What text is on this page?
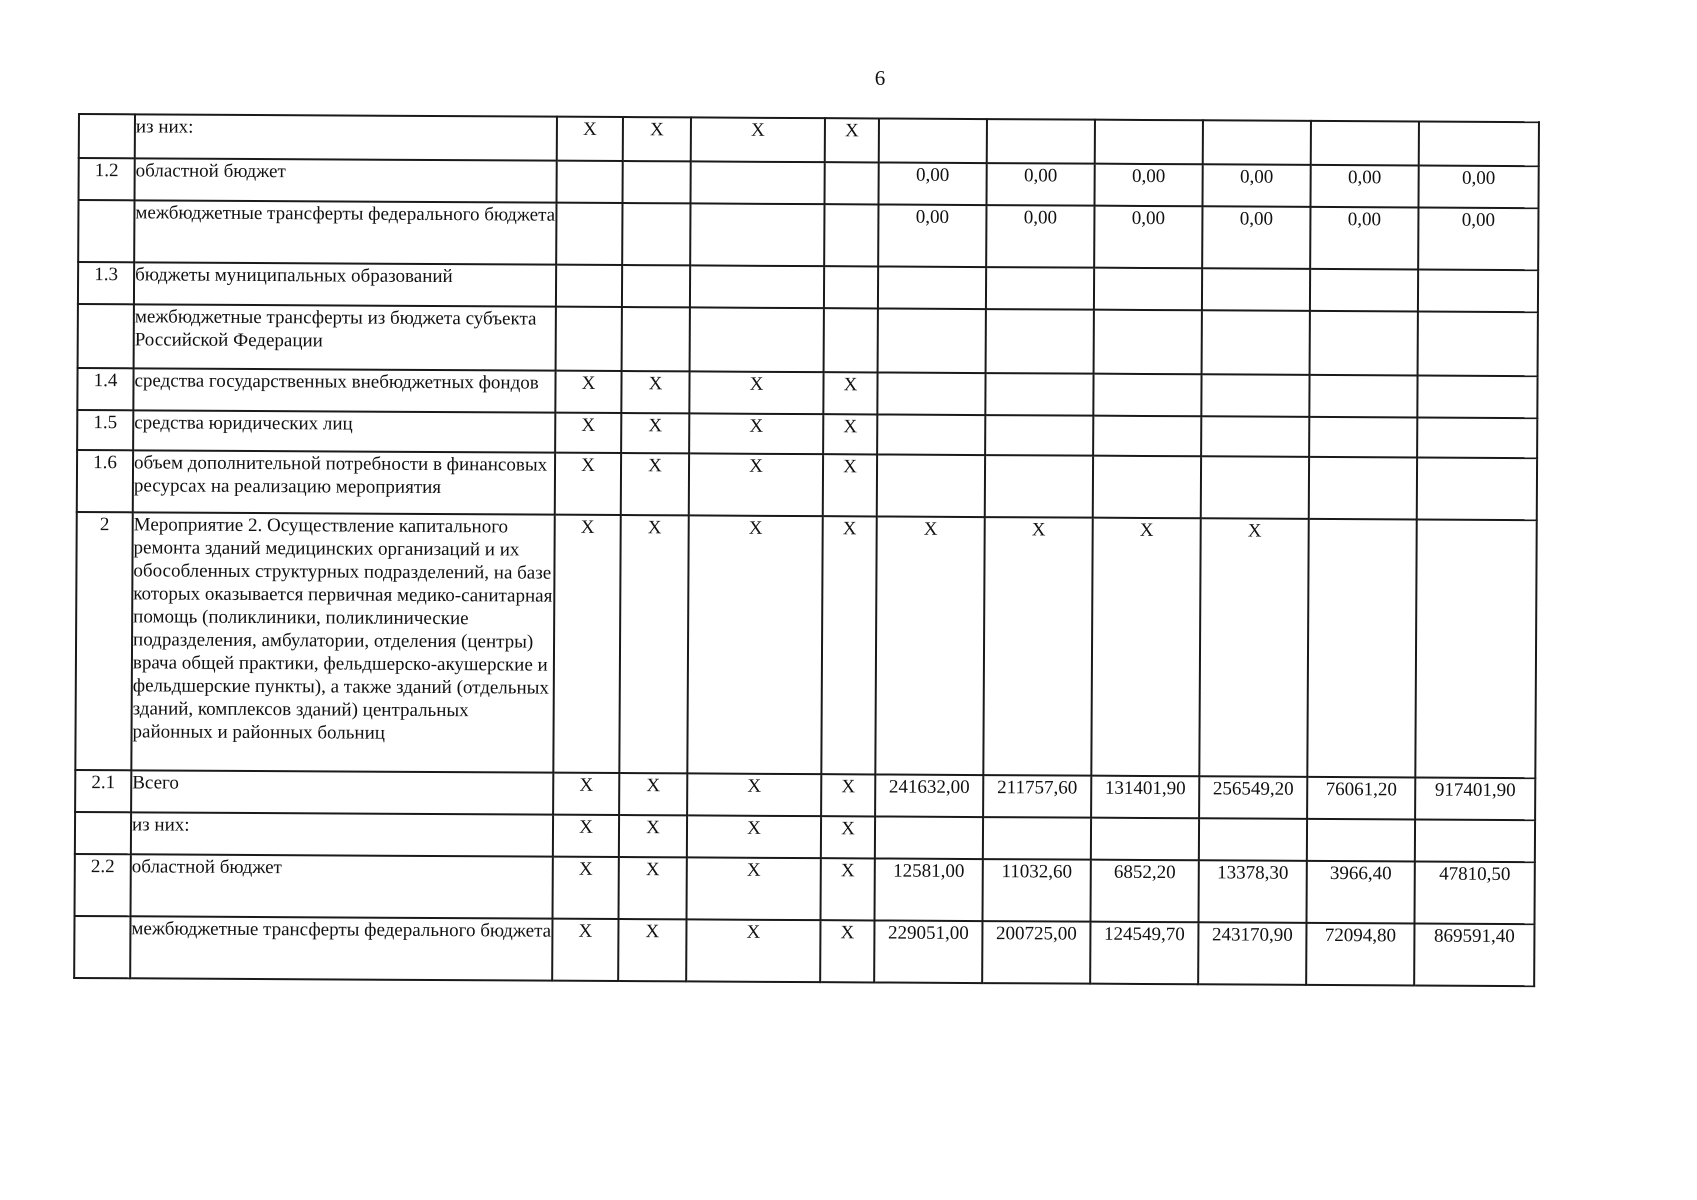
6
	из них:	X	X	X	X						
1.2	областной бюджет					0,00	0,00	0,00	0,00	0,00	0,00
	межбюджетные трансферты федерального бюджета					0,00	0,00	0,00	0,00	0,00	0,00
1.3	бюджеты муниципальных образований										
	межбюджетные трансферты из бюджета субъекта Российской Федерации										
1.4	средства государственных внебюджетных фондов	X	X	X	X						
1.5	средства юридических лиц	X	X	X	X						
1.6	объем дополнительной потребности в финансовых ресурсах на реализацию мероприятия	X	X	X	X						
2	Мероприятие 2. Осуществление капитального ремонта зданий медицинских организаций и их обособленных структурных подразделений, на базе которых оказывается первичная медико-санитарная помощь (поликлиники, поликлинические подразделения, амбулатории, отделения (центры) врача общей практики, фельдшерско-акушерские и фельдшерские пункты), а также зданий (отдельных зданий, комплексов зданий) центральных районных и районных больниц	X	X	X	X	X	X	X	X		
2.1	Всего	X	X	X	X	241632,00	211757,60	131401,90	256549,20	76061,20	917401,90
	из них:	X	X	X	X						
2.2	областной бюджет	X	X	X	X	12581,00	11032,60	6852,20	13378,30	3966,40	47810,50
	межбюджетные трансферты федерального бюджета	X	X	X	X	229051,00	200725,00	124549,70	243170,90	72094,80	869591,40
